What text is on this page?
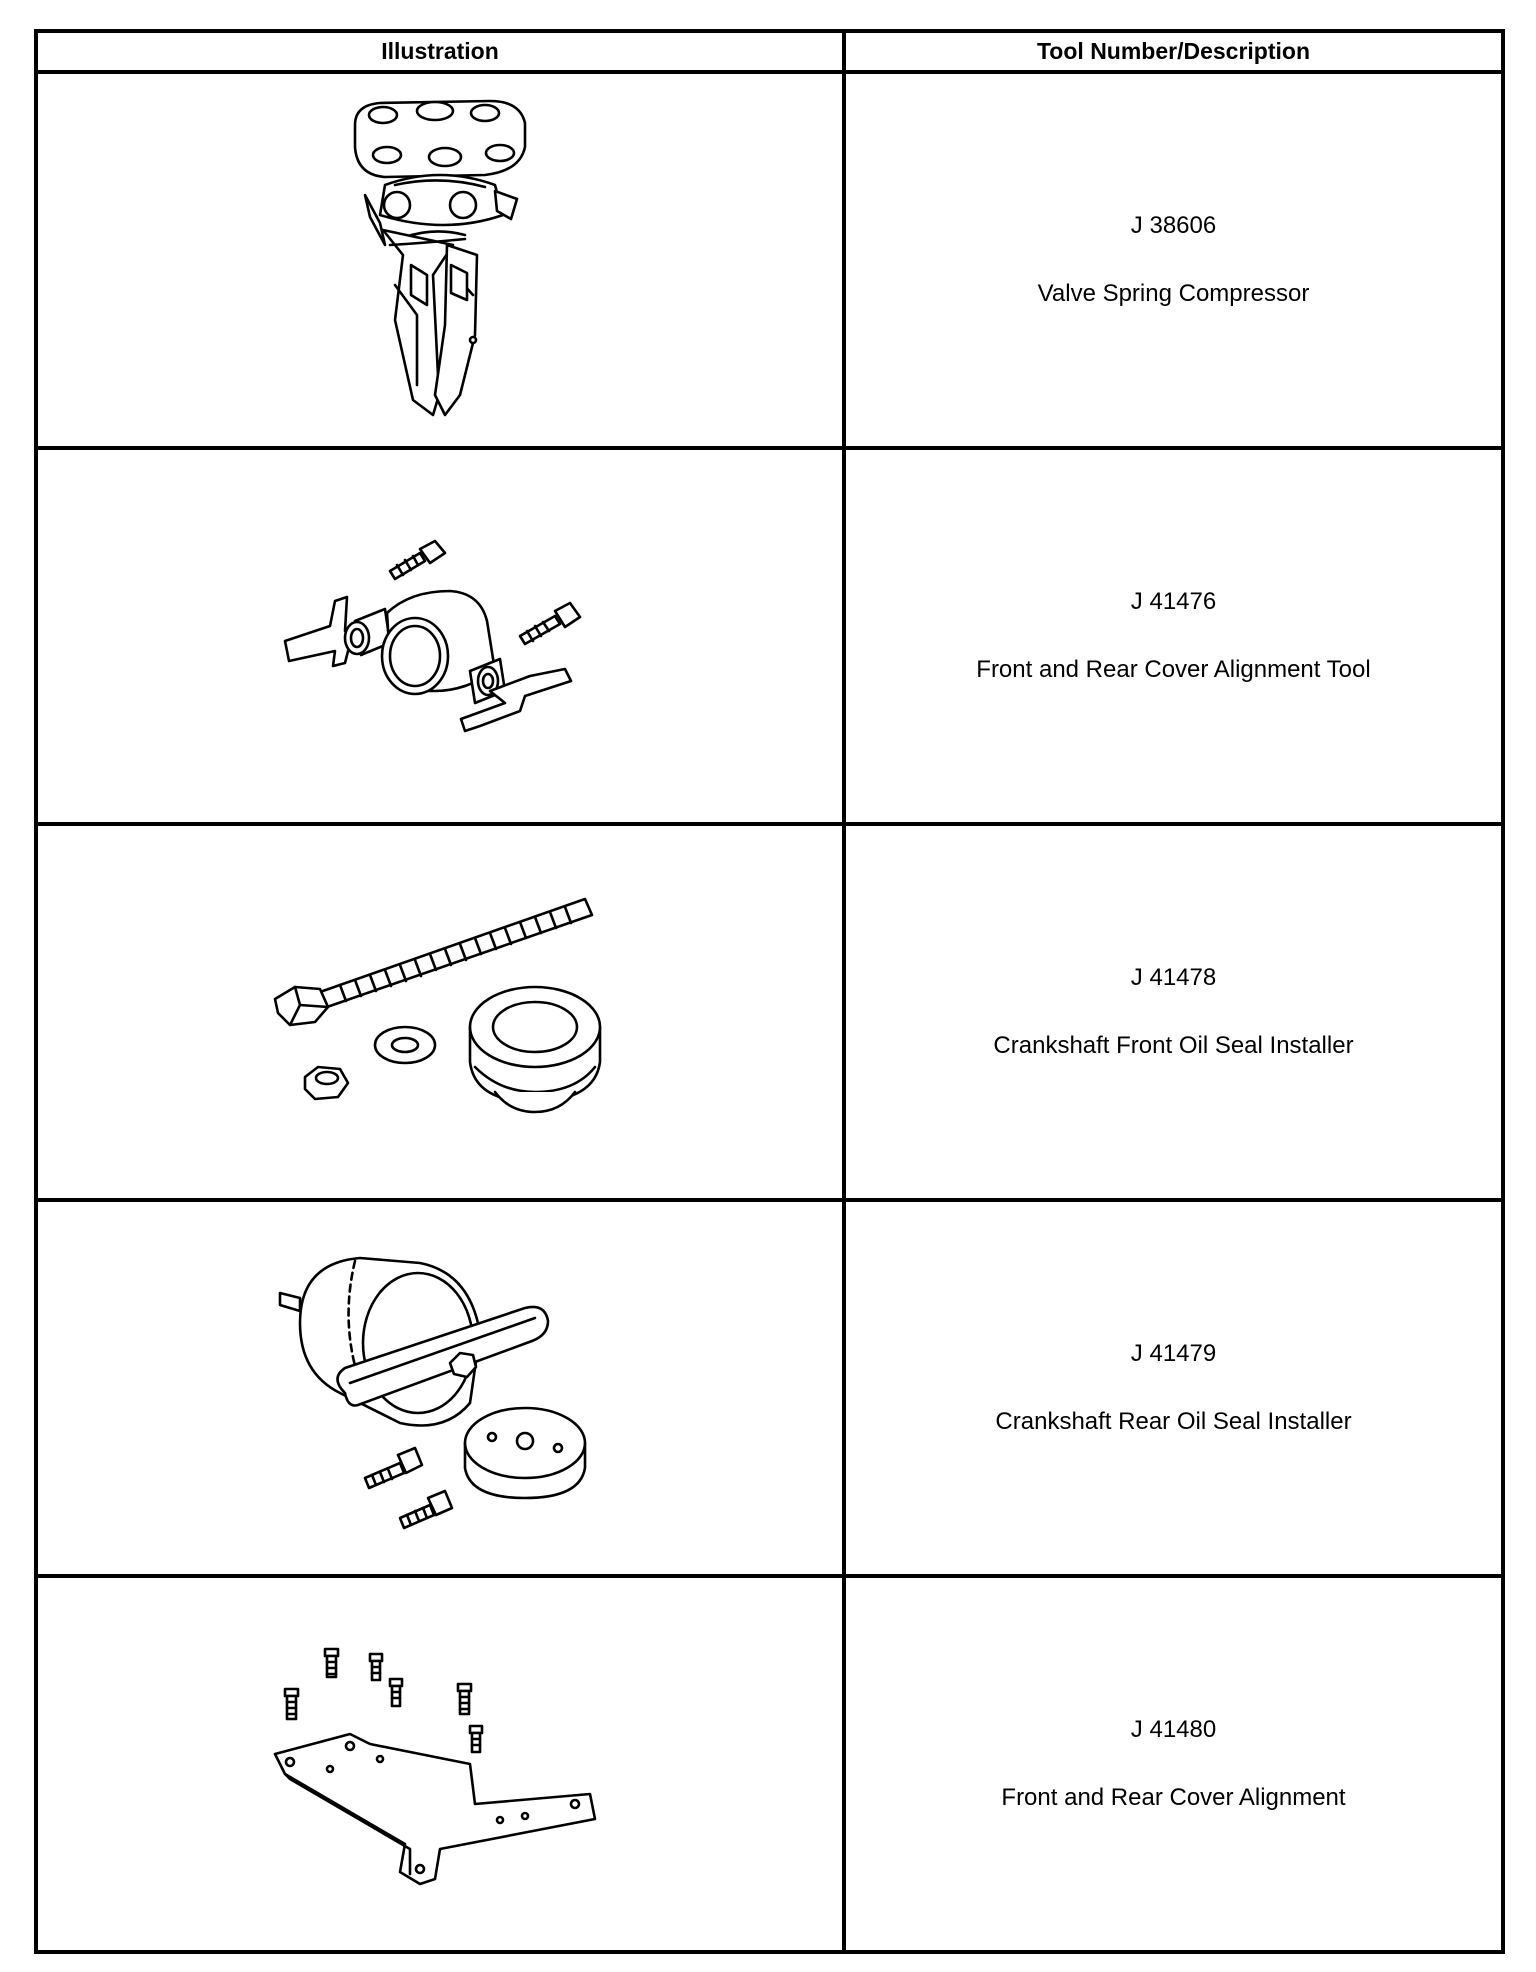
Illustration	Tool Number/Description

J 38606
Valve Spring Compressor

J 41476
Front and Rear Cover Alignment Tool

J 41478
Crankshaft Front Oil Seal Installer

J 41479
Crankshaft Rear Oil Seal Installer

J 41480
Front and Rear Cover Alignment
